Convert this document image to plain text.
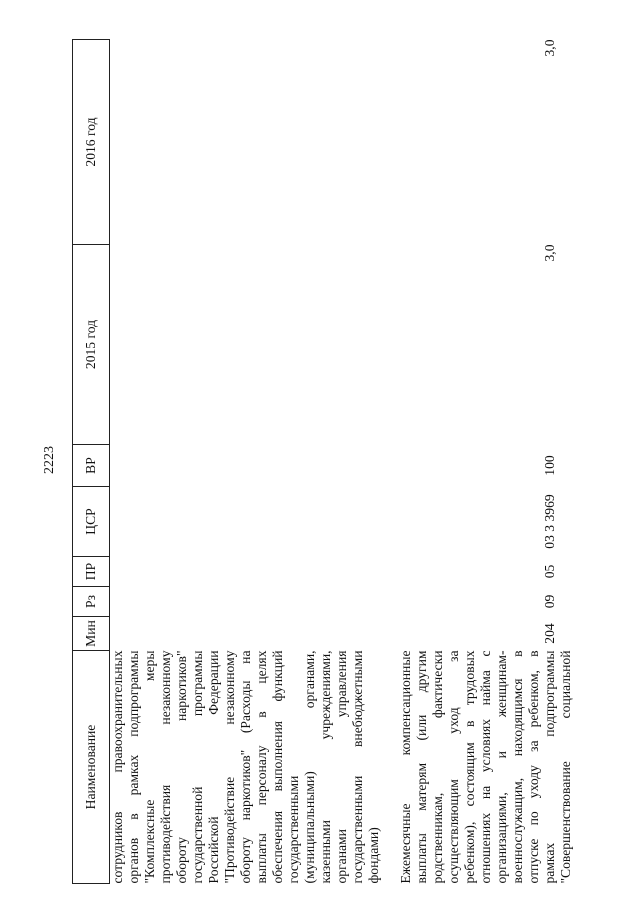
2223
Наименование	Мин	Рз	ПР	ЦСР	ВР	2015 год	2016 год
сотрудников правоохранительных							
органов в рамках подпрограммы							
"Комплексные меры							
противодействия незаконному							
обороту наркотиков"							
государственной программы							
Российской Федерации							
"Противодействие незаконному							
обороту наркотиков" (Расходы на							
выплаты персоналу в целях							
обеспечения выполнения функций							
государственными							
(муниципальными) органами,							
казенными учреждениями,							
органами управления							
государственными внебюджетными							
фондами)							

Ежемесячные компенсационные							
выплаты матерям (или другим							
родственникам, фактически							
осуществляющим уход за							
ребенком), состоящим в трудовых							
отношениях на условиях найма с							
организациями, и женщинам-							
военнослужащим, находящимся в							
отпуске по уходу за ребенком, в							
рамках подпрограммы	204	09	05	03 3 3969	100	3,0	3,0
"Совершенствование социальной							
